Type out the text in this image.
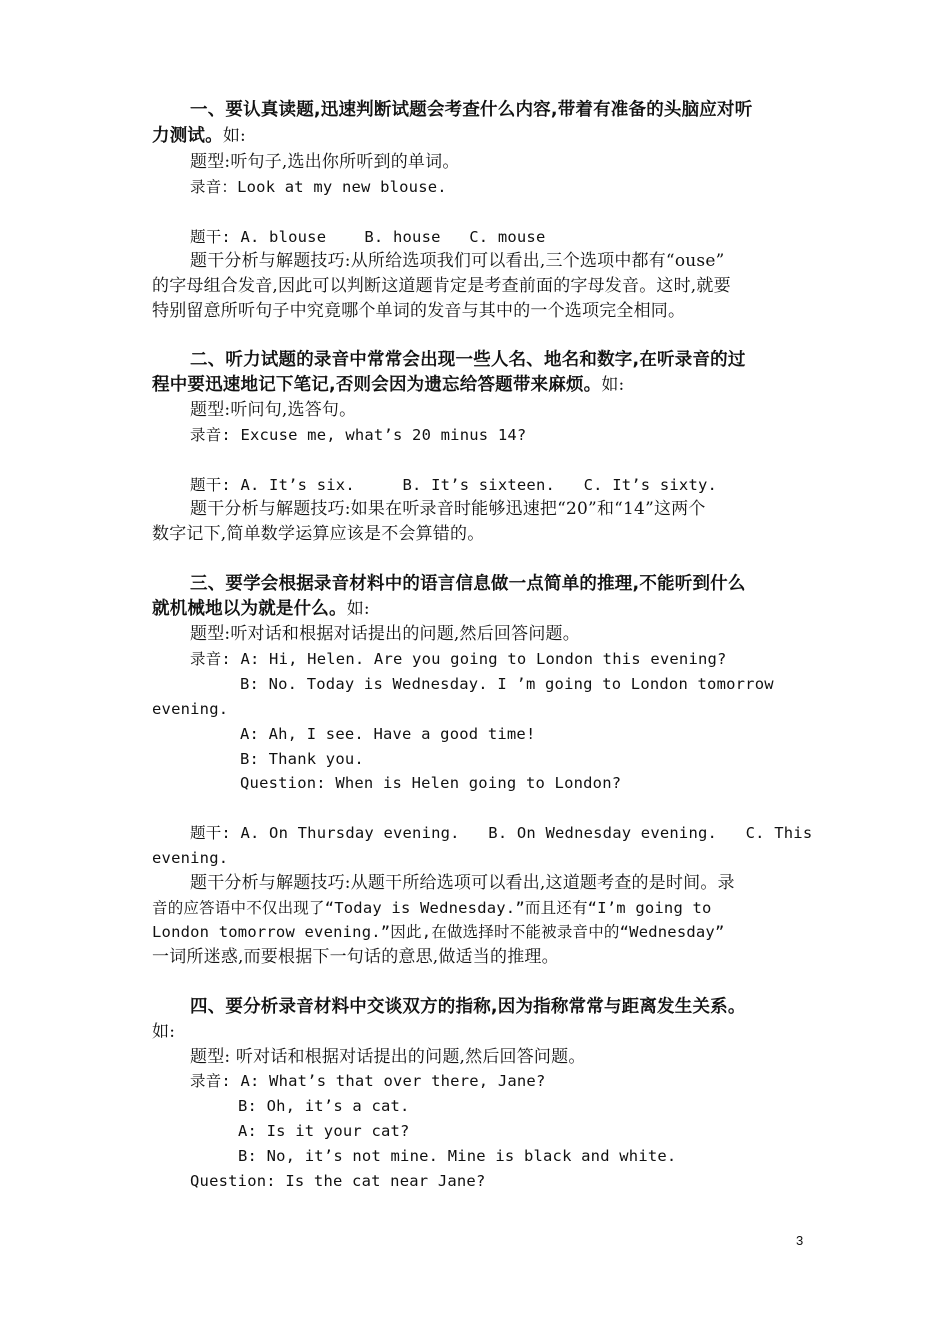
一、要认真读题,迅速判断试题会考查什么内容,带着有准备的头脑应对听
力测试。如:
题型:听句子,选出你所听到的单词。
录音：Look at my new blouse.
题干: A. blouse    B. house   C. mouse
题干分析与解题技巧:从所给选项我们可以看出,三个选项中都有“ouse”
的字母组合发音,因此可以判断这道题肯定是考查前面的字母发音。这时,就要
特别留意所听句子中究竟哪个单词的发音与其中的一个选项完全相同。
二、听力试题的录音中常常会出现一些人名、地名和数字,在听录音的过
程中要迅速地记下笔记,否则会因为遗忘给答题带来麻烦。如:
题型:听问句,选答句。
录音: Excuse me, what’s 20 minus 14?
题干: A. It’s six.     B. It’s sixteen.   C. It’s sixty.
题干分析与解题技巧:如果在听录音时能够迅速把“20”和“14”这两个
数字记下,简单数学运算应该是不会算错的。
三、要学会根据录音材料中的语言信息做一点简单的推理,不能听到什么
就机械地以为就是什么。如:
题型:听对话和根据对话提出的问题,然后回答问题。
录音: A: Hi, Helen. Are you going to London this evening?
B: No. Today is Wednesday. I ’m going to London tomorrow
evening.
A: Ah, I see. Have a good time!
B: Thank you.
Question: When is Helen going to London?
题干: A. On Thursday evening.   B. On Wednesday evening.   C. This
evening.
题干分析与解题技巧:从题干所给选项可以看出,这道题考查的是时间。录
音的应答语中不仅出现了“Today is Wednesday.”而且还有“I’m going to
London tomorrow evening.”因此,在做选择时不能被录音中的“Wednesday”
一词所迷惑,而要根据下一句话的意思,做适当的推理。
四、要分析录音材料中交谈双方的指称,因为指称常常与距离发生关系。
如:
题型: 听对话和根据对话提出的问题,然后回答问题。
录音: A: What’s that over there, Jane?
B: Oh, it’s a cat.
A: Is it your cat?
B: No, it’s not mine. Mine is black and white.
Question: Is the cat near Jane?
3
